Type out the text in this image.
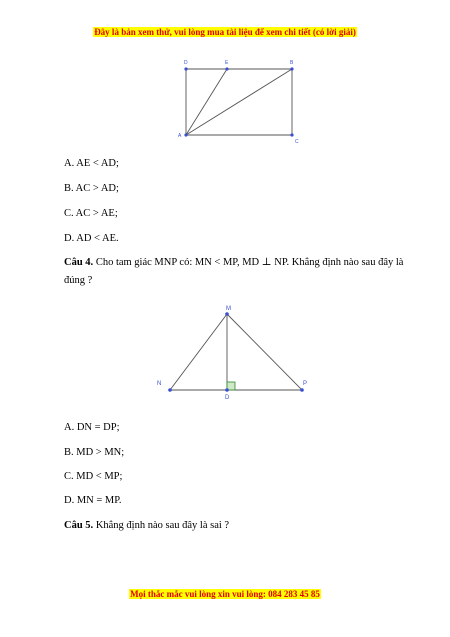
Đây là bản xem thử, vui lòng mua tài liệu để xem chi tiết (có lời giải)
D	E	B
A
C
A. AE < AD;
B. AC > AD;
C. AC > AE;
D. AD < AE.
Câu 4. Cho tam giác MNP có: MN < MP, MD ⊥ NP. Khẳng định nào sau đây là đúng ?
M
N	P
D
A. DN = DP;
B. MD > MN;
C. MD < MP;
D. MN = MP.
Câu 5. Khẳng định nào sau đây là sai ?
Mọi thắc mắc vui lòng xin vui lòng: 084 283 45 85
